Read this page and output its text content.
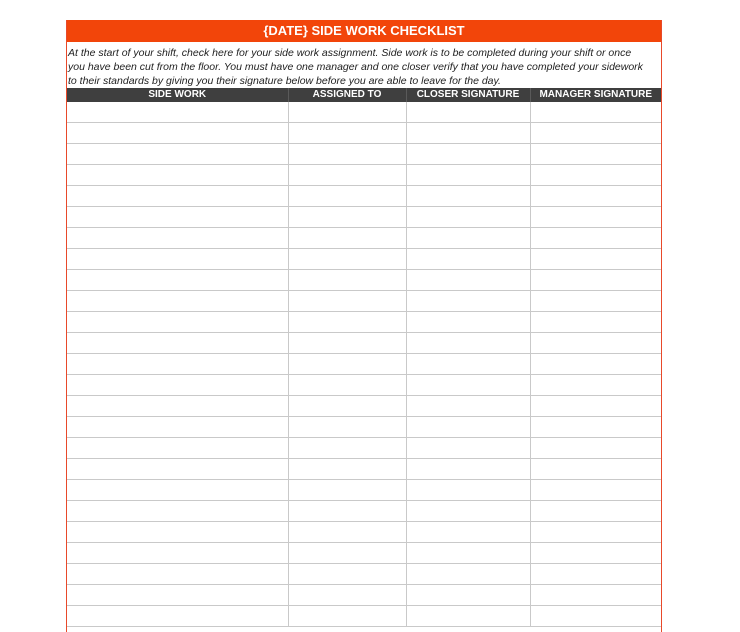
{DATE} SIDE WORK CHECKLIST
At the start of your shift, check here for your side work assignment. Side work is to be completed during your shift or once
you have been cut from the floor. You must have one manager and one closer verify that you have completed your sidework
to their standards by giving you their signature below before you are able to leave for the day.
SIDE WORK	ASSIGNED TO	CLOSER SIGNATURE	MANAGER SIGNATURE
